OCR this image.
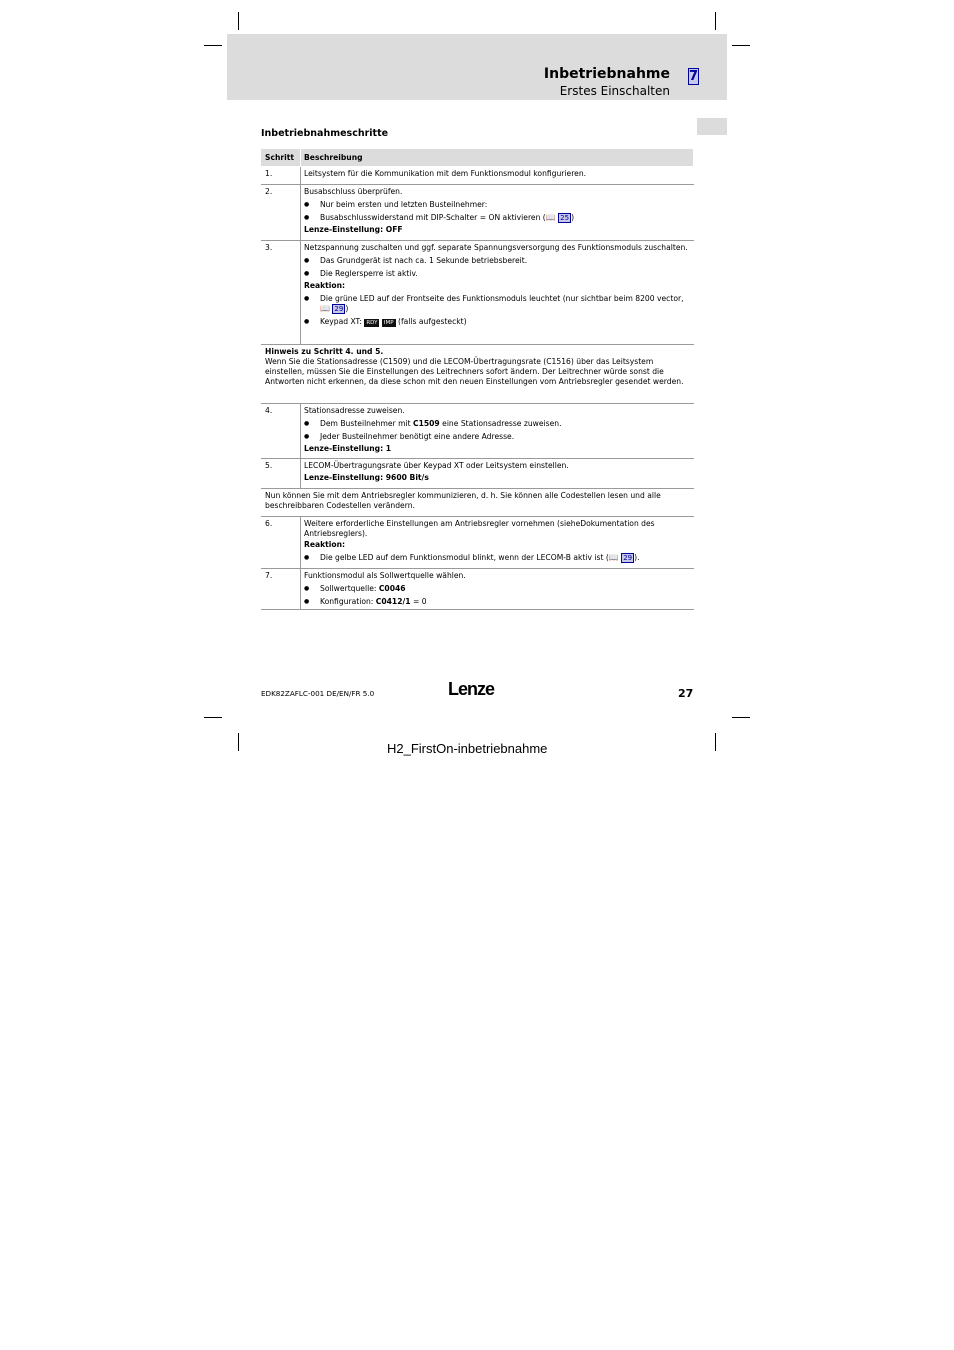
Inbetriebnahme
Erstes Einschalten
7
Inbetriebnahmeschritte
Schritt Beschreibung
1.	Leitsystem für die Kommunikation mit dem Funktionsmodul konfigurieren.
2.	Busabschluss überprüfen.
● Nur beim ersten und letzten Busteilnehmer:
● Busabschlusswiderstand mit DIP-Schalter = ON aktivieren (📖 25 )
Lenze-Einstellung: OFF
3.	Netzspannung zuschalten und ggf. separate Spannungsversorgung des Funktionsmoduls zuschalten.
● Das Grundgerät ist nach ca. 1 Sekunde betriebsbereit.
● Die Reglersperre ist aktiv.
Reaktion:
● Die grüne LED auf der Frontseite des Funktionsmoduls leuchtet (nur sichtbar beim 8200 vector, 📖 29 )
● Keypad XT: RDY IMP (falls aufgesteckt)
Hinweis zu Schritt 4. und 5.
Wenn Sie die Stationsadresse (C1509) und die LECOM-Übertragungsrate (C1516) über das Leitsystem einstellen, müssen Sie die Einstellungen des Leitrechners sofort ändern. Der Leitrechner würde sonst die Antworten nicht erkennen, da diese schon mit den neuen Einstellungen vom Antriebsregler gesendet werden.
4.	Stationsadresse zuweisen.
● Dem Busteilnehmer mit C1509 eine Stationsadresse zuweisen.
● Jeder Busteilnehmer benötigt eine andere Adresse.
Lenze-Einstellung: 1
5.	LECOM-Übertragungsrate über Keypad XT oder Leitsystem einstellen.
Lenze-Einstellung: 9600 Bit/s
Nun können Sie mit dem Antriebsregler kommunizieren, d. h. Sie können alle Codestellen lesen und alle beschreibbaren Codestellen verändern.
6.	Weitere erforderliche Einstellungen am Antriebsregler vornehmen (sieheDokumentation des Antriebsreglers).
Reaktion:
● Die gelbe LED auf dem Funktionsmodul blinkt, wenn der LECOM-B aktiv ist (📖 29 ).
7.	Funktionsmodul als Sollwertquelle wählen.
● Sollwertquelle: C0046
● Konfiguration: C0412/1 = 0
EDK82ZAFLC-001 DE/EN/FR 5.0	Lenze	27
H2_FirstOn-inbetriebnahme
